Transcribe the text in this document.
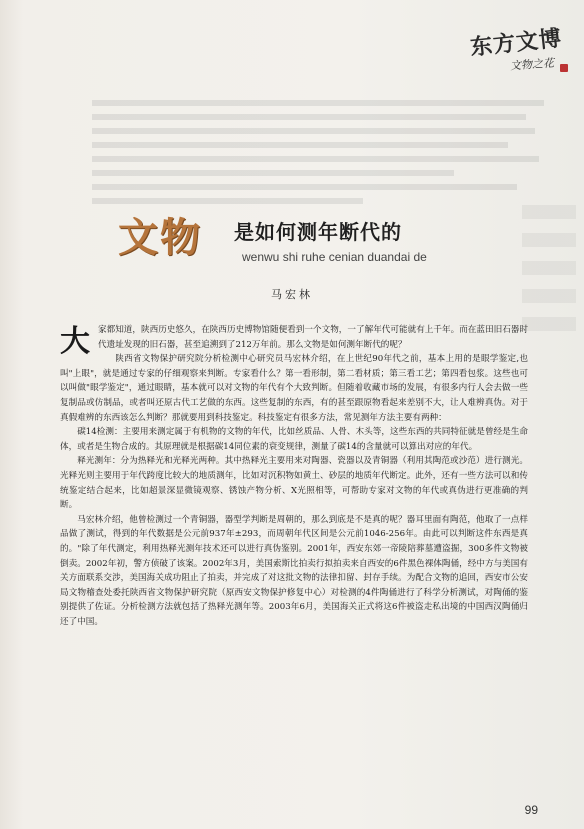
东方文博
文物之花
文物 是如何测年断代的
wenwu shi ruhe cenian duandai de
马宏林

大家都知道，陕西历史悠久，在陕西历史博物馆随便看到一个文物，一了解年代可能就有上千年。而在蓝田旧石器时代遗址发现的旧石器，甚至追溯到了212万年前。那么文物是如何测年断代的呢？

陕西省文物保护研究院分析检测中心研究员马宏林介绍，在上世纪90年代之前，基本上用的是眼学鉴定,也叫"上眼"，就是通过专家的仔细观察来判断。专家看什么？第一看形制，第二看材质；第三看工艺；第四看包浆。这些也可以叫做"眼学鉴定"，通过眼睛，基本就可以对文物的年代有个大致判断。但随着收藏市场的发展，有很多内行人会去做一些复制品或仿制品，或者叫还原古代工艺做的东西。这些复制的东西，有的甚至跟原物看起来差别不大，让人难辨真伪。对于真假难辨的东西该怎么判断？那就要用到科技鉴定。科技鉴定有很多方法，常见测年方法主要有两种：

碳14检测：主要用来测定属于有机物的文物的年代，比如丝质品、人骨、木头等，这些东西的共同特征就是曾经是生命体，或者是生物合成的。其原理就是根据碳14同位素的衰变规律，测量了碳14的含量就可以算出对应的年代。

释光测年：分为热释光和光释光两种。其中热释光主要用来对陶器、瓷器以及青铜器（利用其陶范或沙范）进行测光。光释光则主要用于年代跨度比较大的地质测年，比如对沉积物如黄土、砂层的地质年代断定。此外，还有一些方法可以和传统鉴定结合起来，比如超景深显微镜观察、锈蚀产物分析、X光照相等，可帮助专家对文物的年代或真伪进行更准确的判断。

马宏林介绍，他曾检测过一个青铜器，器型学判断是周朝的，那么到底是不是真的呢？器耳里面有陶范，他取了一点样品做了测试，得到的年代数据是公元前937年±293，而周朝年代区间是公元前1046-256年。由此可以判断这件东西是真的。"除了年代测定，利用热释光测年技术还可以进行真伪鉴别。2001年，西安东郊一帝陵陪葬墓遭盗掘，300多件文物被倒卖。2002年初，警方侦破了该案。2002年3月，美国索斯比拍卖行拟拍卖来自西安的6件黑色裸体陶俑，经中方与美国有关方面联系交涉，美国海关成功阻止了拍卖，并完成了对这批文物的法律扣留、封存手续。为配合文物的追回，西安市公安局文物稽查处委托陕西省文物保护研究院（原西安文物保护修复中心）对检测的4件陶俑进行了科学分析测试，对陶俑的鉴别提供了佐证。分析检测方法就包括了热释光测年等。2003年6月，美国海关正式将这6件被盗走私出境的中国西汉陶俑归还了中国。

99
